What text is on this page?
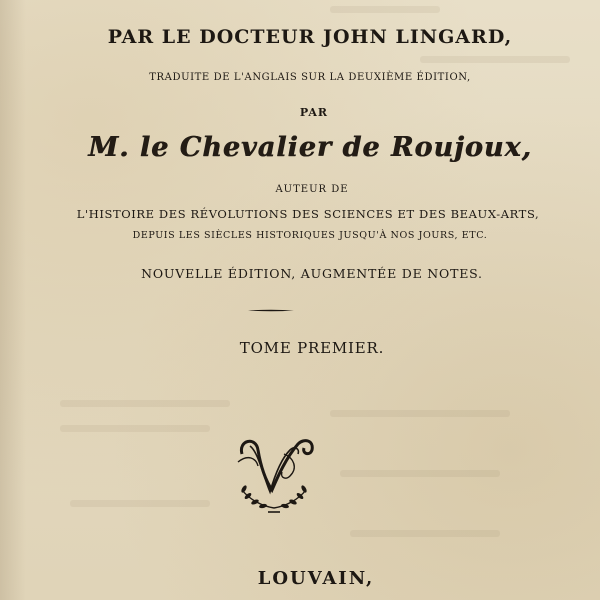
PAR LE DOCTEUR JOHN LINGARD,
TRADUITE DE L'ANGLAIS SUR LA DEUXIÈME ÉDITION,
PAR
M. le Chevalier de Roujoux,
AUTEUR DE
L'HISTOIRE DES RÉVOLUTIONS DES SCIENCES ET DES BEAUX-ARTS,
DEPUIS LES SIÈCLES HISTORIQUES JUSQU'À NOS JOURS, ETC.
NOUVELLE ÉDITION, AUGMENTÉE DE NOTES.
TOME PREMIER.
LOUVAIN,
